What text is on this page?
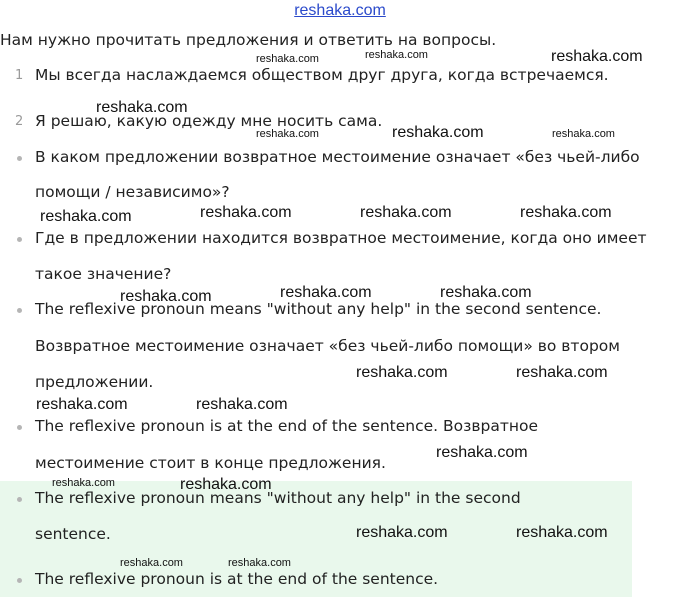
reshaka.com
Нам нужно прочитать предложения и ответить на вопросы.
1 Мы всегда наслаждаемся обществом друг друга, когда встречаемся.
2 Я решаю, какую одежду мне носить сама.
В каком предложении возвратное местоимение означает «без чьей-либо
помощи / независимо»?
Где в предложении находится возвратное местоимение, когда оно имеет
такое значение?
The reflexive pronoun means "without any help" in the second sentence.
Возвратное местоимение означает «без чьей-либо помощи» во втором
предложении.
The reflexive pronoun is at the end of the sentence. Возвратное
местоимение стоит в конце предложения.
The reflexive pronoun means "without any help" in the second
sentence.
The reflexive pronoun is at the end of the sentence.
reshaka.com	reshaka.com	reshaka.com
reshaka.com
reshaka.com	reshaka.com	reshaka.com
reshaka.com	reshaka.com	reshaka.com	reshaka.com
reshaka.com	reshaka.com	reshaka.com
reshaka.com	reshaka.com
reshaka.com	reshaka.com
reshaka.com
reshaka.com	reshaka.com
reshaka.com	reshaka.com
reshaka.com	reshaka.com
